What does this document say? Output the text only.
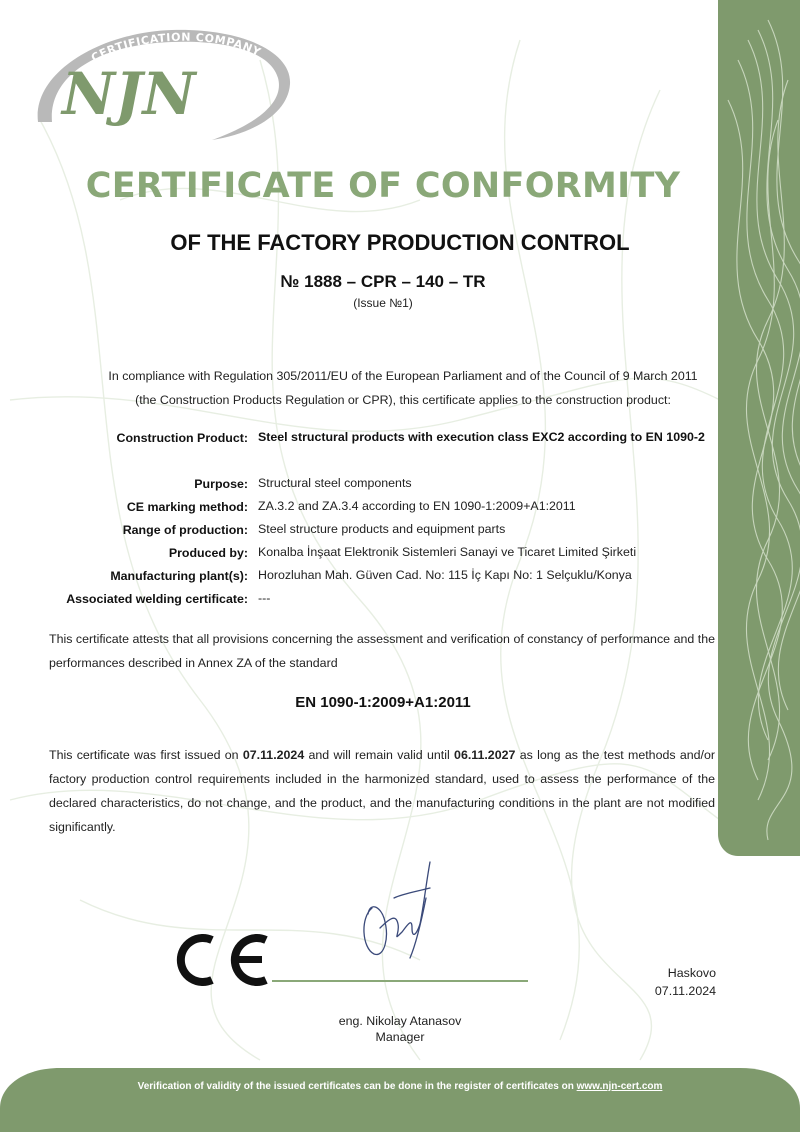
Verification of validity of the issued certificates can be done in the register of certificates on www.njn-cert.com
CERTIFICATION COMPANY
NJN
CERTIFICATE OF CONFORMITY
OF THE FACTORY PRODUCTION CONTROL
№ 1888 – CPR – 140 – TR
(Issue №1)
In compliance with Regulation 305/2011/EU of the European Parliament and of the Council of 9 March 2011
(the Construction Products Regulation or CPR), this certificate applies to the construction product:
Construction Product: Steel structural products with execution class EXC2 according to EN 1090-2
Purpose: Structural steel components
CE marking method: ZA.3.2 and ZA.3.4 according to EN 1090-1:2009+A1:2011
Range of production: Steel structure products and equipment parts
Produced by: Konalba İnşaat Elektronik Sistemleri Sanayi ve Ticaret Limited Şirketi
Manufacturing plant(s): Horozluhan Mah. Güven Cad. No: 115 İç Kapı No: 1 Selçuklu/Konya
Associated welding certificate: ---
This certificate attests that all provisions concerning the assessment and verification of constancy of performance and the performances described in Annex ZA of the standard
EN 1090-1:2009+A1:2011
This certificate was first issued on 07.11.2024 and will remain valid until 06.11.2027 as long as the test methods and/or factory production control requirements included in the harmonized standard, used to assess the performance of the declared characteristics, do not change, and the product, and the manufacturing conditions in the plant are not modified significantly.
Haskovo
07.11.2024
eng. Nikolay Atanasov
Manager
